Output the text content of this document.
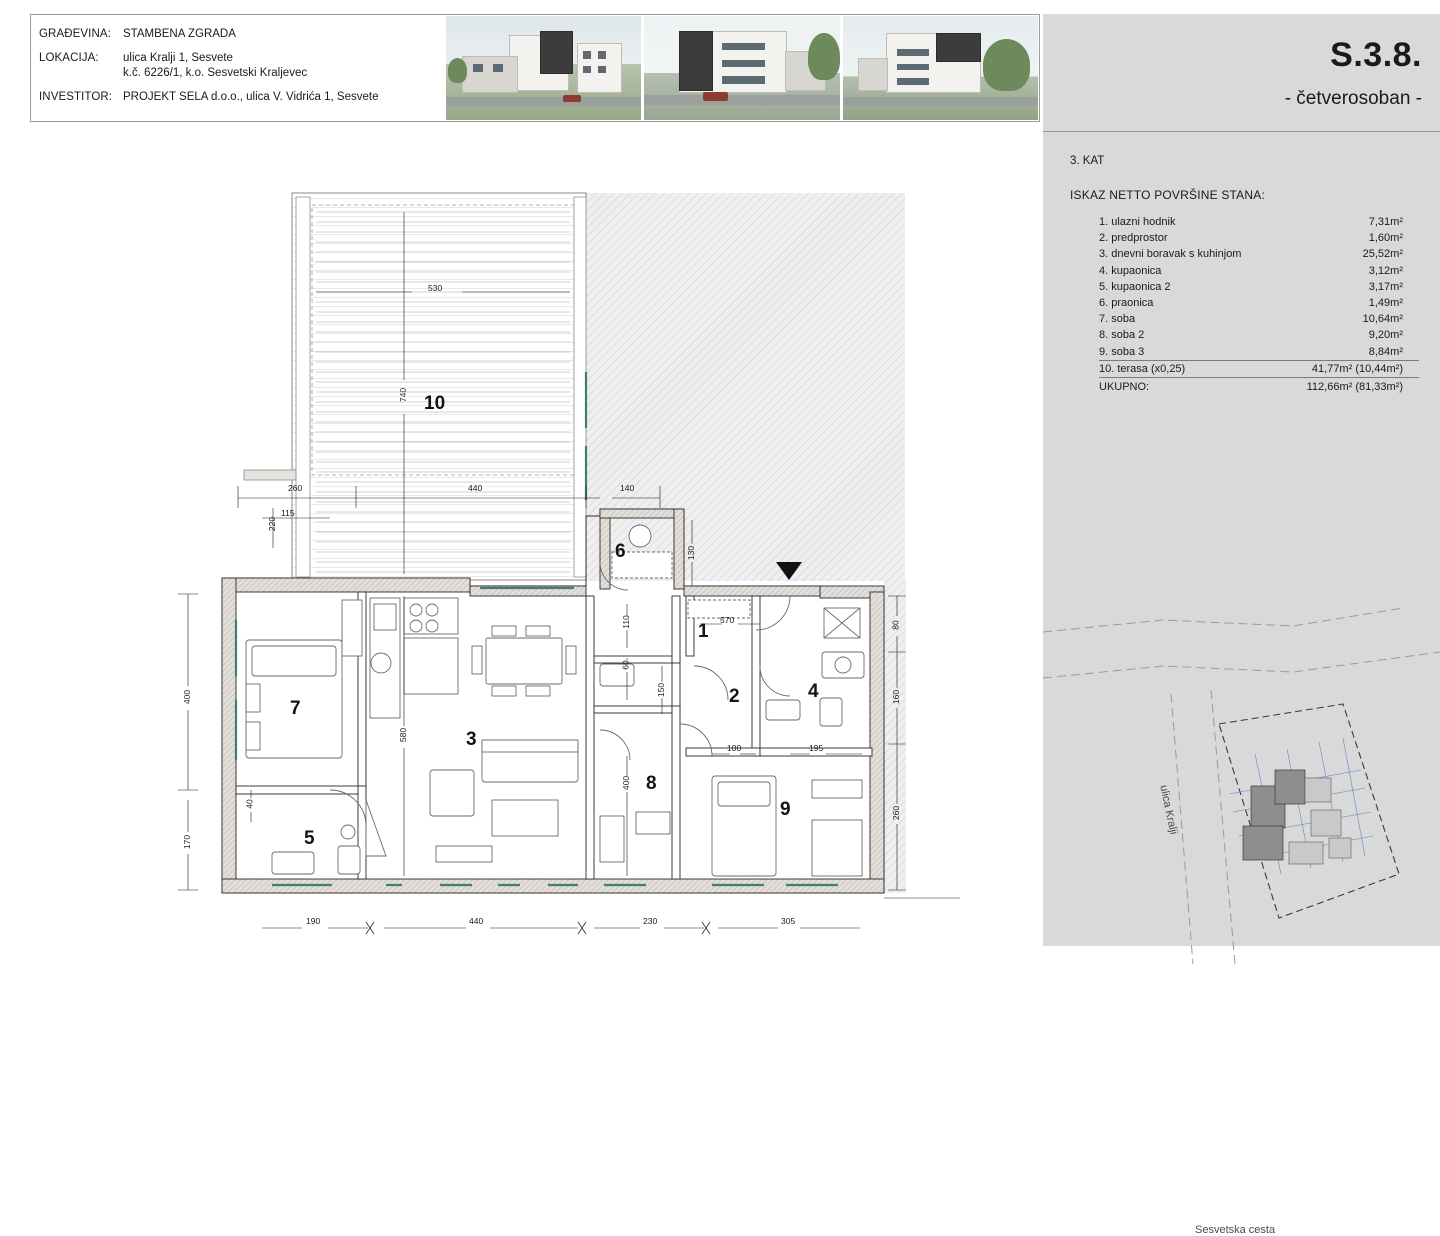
GRAĐEVINA:	STAMBENA ZGRADA
LOKACIJA:	ulica Kralji 1, Sesvete
k.č. 6226/1, k.o. Sesvetski Kraljevec
INVESTITOR: PROJEKT SELA d.o.o., ulica V. Vidrića 1, Sesvete
S.3.8.
- četverosoban -
3. KAT
ISKAZ NETTO POVRŠINE STANA:
1. ulazni hodnik	7,31m²
2. predprostor	1,60m²
3. dnevni boravak s kuhinjom	25,52m²
4. kupaonica	3,12m²
5. kupaonica 2	3,17m²
6. praonica	1,49m²
7. soba	10,64m²
8. soba 2	9,20m²
9. soba 3	8,84m²
10. terasa (x0,25)	41,77m² (10,44m²)
UKUPNO:	112,66m² (81,33m²)
Sesvetska cesta
ulica Kralji
10
6
1
2	4
7
3
8
9
5
530
740
260	440	140
115
220
130
110	570	80
60
150	160
400
580
100	195
400
260
40
170
190	440	230	305
